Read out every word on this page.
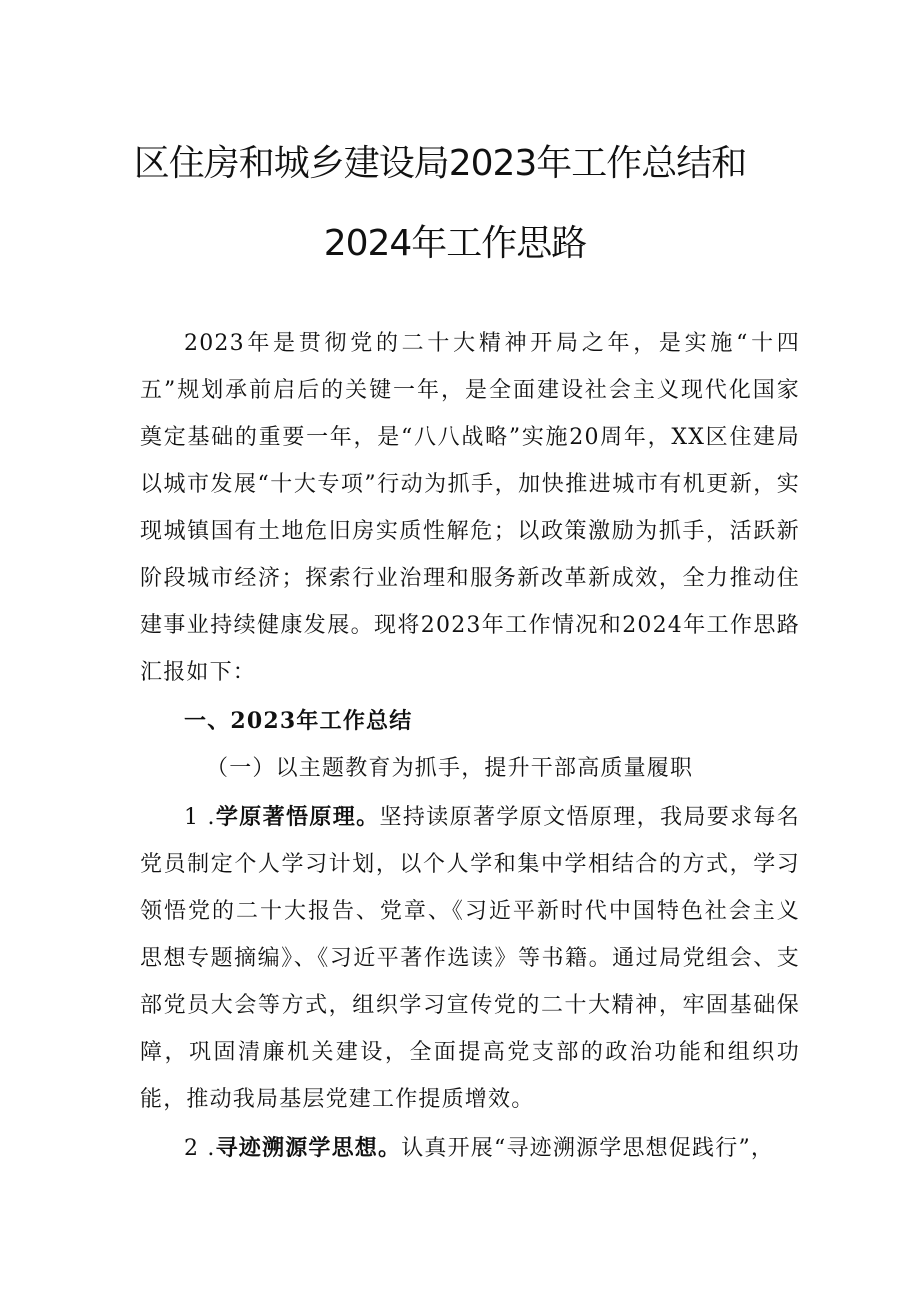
区住房和城乡建设局2023年工作总结和
2024年工作思路

2023年是贯彻党的二十大精神开局之年，是实施“十四五”规划承前启后的关键一年，是全面建设社会主义现代化国家奠定基础的重要一年，是“八八战略”实施20周年，XX区住建局以城市发展“十大专项”行动为抓手，加快推进城市有机更新，实现城镇国有土地危旧房实质性解危；以政策激励为抓手，活跃新阶段城市经济；探索行业治理和服务新改革新成效，全力推动住建事业持续健康发展。现将2023年工作情况和2024年工作思路汇报如下：

一、2023年工作总结

（一）以主题教育为抓手，提升干部高质量履职

1 .学原著悟原理。坚持读原著学原文悟原理，我局要求每名党员制定个人学习计划，以个人学和集中学相结合的方式，学习领悟党的二十大报告、党章、《习近平新时代中国特色社会主义思想专题摘编》、《习近平著作选读》等书籍。通过局党组会、支部党员大会等方式，组织学习宣传党的二十大精神，牢固基础保障，巩固清廉机关建设，全面提高党支部的政治功能和组织功能，推动我局基层党建工作提质增效。

2 .寻迹溯源学思想。认真开展“寻迹溯源学思想促践行”，
